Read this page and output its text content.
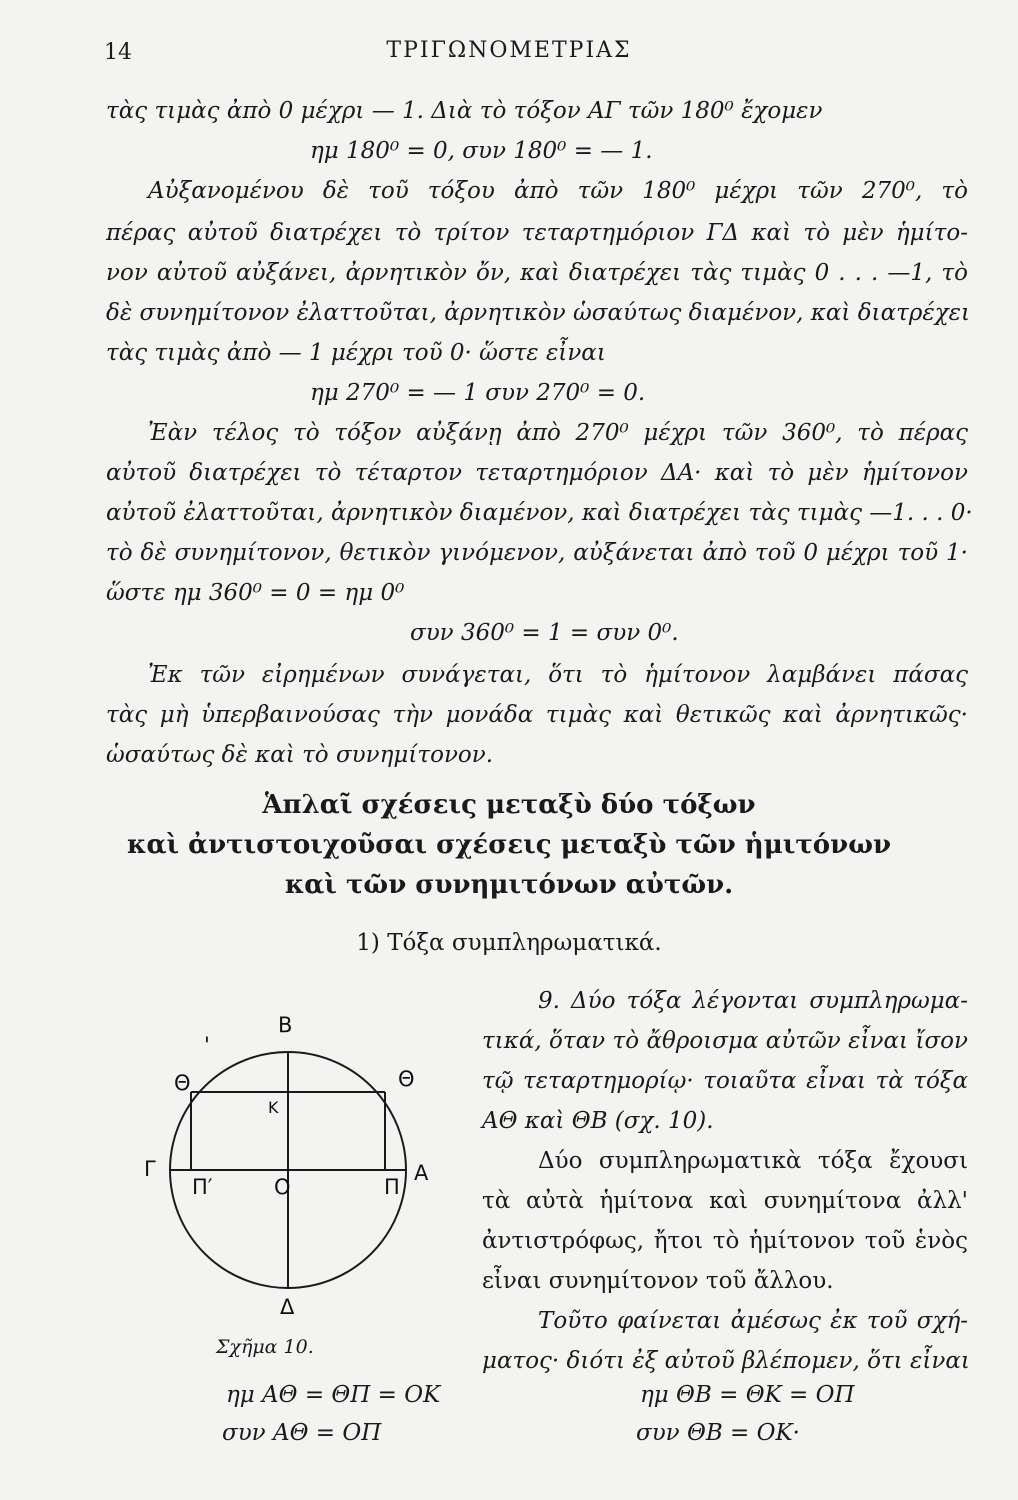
14	ΤΡΙΓΩΝΟΜΕΤΡΙΑΣ
τὰς τιμὰς ἀπὸ 0 μέχρι — 1. Διὰ τὸ τόξον ΑΓ τῶν 180⁰ ἔχομεν
ημ 180⁰ = 0, συν 180⁰ = — 1.
Αὐξανομένου δὲ τοῦ τόξου ἀπὸ τῶν 180⁰ μέχρι τῶν 270⁰, τὸ
πέρας αὐτοῦ διατρέχει τὸ τρίτον τεταρτημόριον ΓΔ καὶ τὸ μὲν ἡμίτο-
νον αὐτοῦ αὐξάνει, ἀρνητικὸν ὄν, καὶ διατρέχει τὰς τιμὰς 0 . . . —1, τὸ
δὲ συνημίτονον ἐλαττοῦται, ἀρνητικὸν ὡσαύτως διαμένον, καὶ διατρέχει
τὰς τιμὰς ἀπὸ — 1 μέχρι τοῦ 0· ὥστε εἶναι
ημ 270⁰ = — 1 συν 270⁰ = 0.
Ἐὰν τέλος τὸ τόξον αὐξάνῃ ἀπὸ 270⁰ μέχρι τῶν 360⁰, τὸ πέρας
αὐτοῦ διατρέχει τὸ τέταρτον τεταρτημόριον ΔΑ· καὶ τὸ μὲν ἡμίτονον
αὐτοῦ ἐλαττοῦται, ἀρνητικὸν διαμένον, καὶ διατρέχει τὰς τιμὰς —1. . . 0·
τὸ δὲ συνημίτονον, θετικὸν γινόμενον, αὐξάνεται ἀπὸ τοῦ 0 μέχρι τοῦ 1·
ὥστε ημ 360⁰ = 0 = ημ 0⁰
συν 360⁰ = 1 = συν 0⁰.
Ἐκ τῶν εἰρημένων συνάγεται, ὅτι τὸ ἡμίτονον λαμβάνει πάσας
τὰς μὴ ὑπερβαινούσας τὴν μονάδα τιμὰς καὶ θετικῶς καὶ ἀρνητικῶς·
ὡσαύτως δὲ καὶ τὸ συνημίτονον.
Ἁπλαῖ σχέσεις μεταξὺ δύο τόξων
καὶ ἀντιστοιχοῦσαι σχέσεις μεταξὺ τῶν ἡμιτόνων
καὶ τῶν συνημιτόνων αὐτῶν.
1) Τόξα συμπληρωματικά.
9. Δύο τόξα λέγονται συμπληρωμα-
τικά, ὅταν τὸ ἄθροισμα αὐτῶν εἶναι ἴσον
τῷ τεταρτημορίῳ· τοιαῦτα εἶναι τὰ τόξα
ΑΘ καὶ ΘΒ (σχ. 10).
Δύο συμπληρωματικὰ τόξα ἔχουσι
τὰ αὐτὰ ἡμίτονα καὶ συνημίτονα ἀλλ'
ἀντιστρόφως, ἤτοι τὸ ἡμίτονον τοῦ ἑνὸς
εἶναι συνημίτονον τοῦ ἄλλου.
Τοῦτο φαίνεται ἀμέσως ἐκ τοῦ σχή-
ματος· διότι ἐξ αὐτοῦ βλέπομεν, ὅτι εἶναι
Β
'
Θ	Θ
Κ
Γ
Π′	Ο	Π
Α
Δ
Σχῆμα 10.
ημ ΑΘ = ΘΠ = ΟΚ	ημ ΘΒ = ΘΚ = ΟΠ
συν ΑΘ = ΟΠ	συν ΘΒ = ΟΚ·
